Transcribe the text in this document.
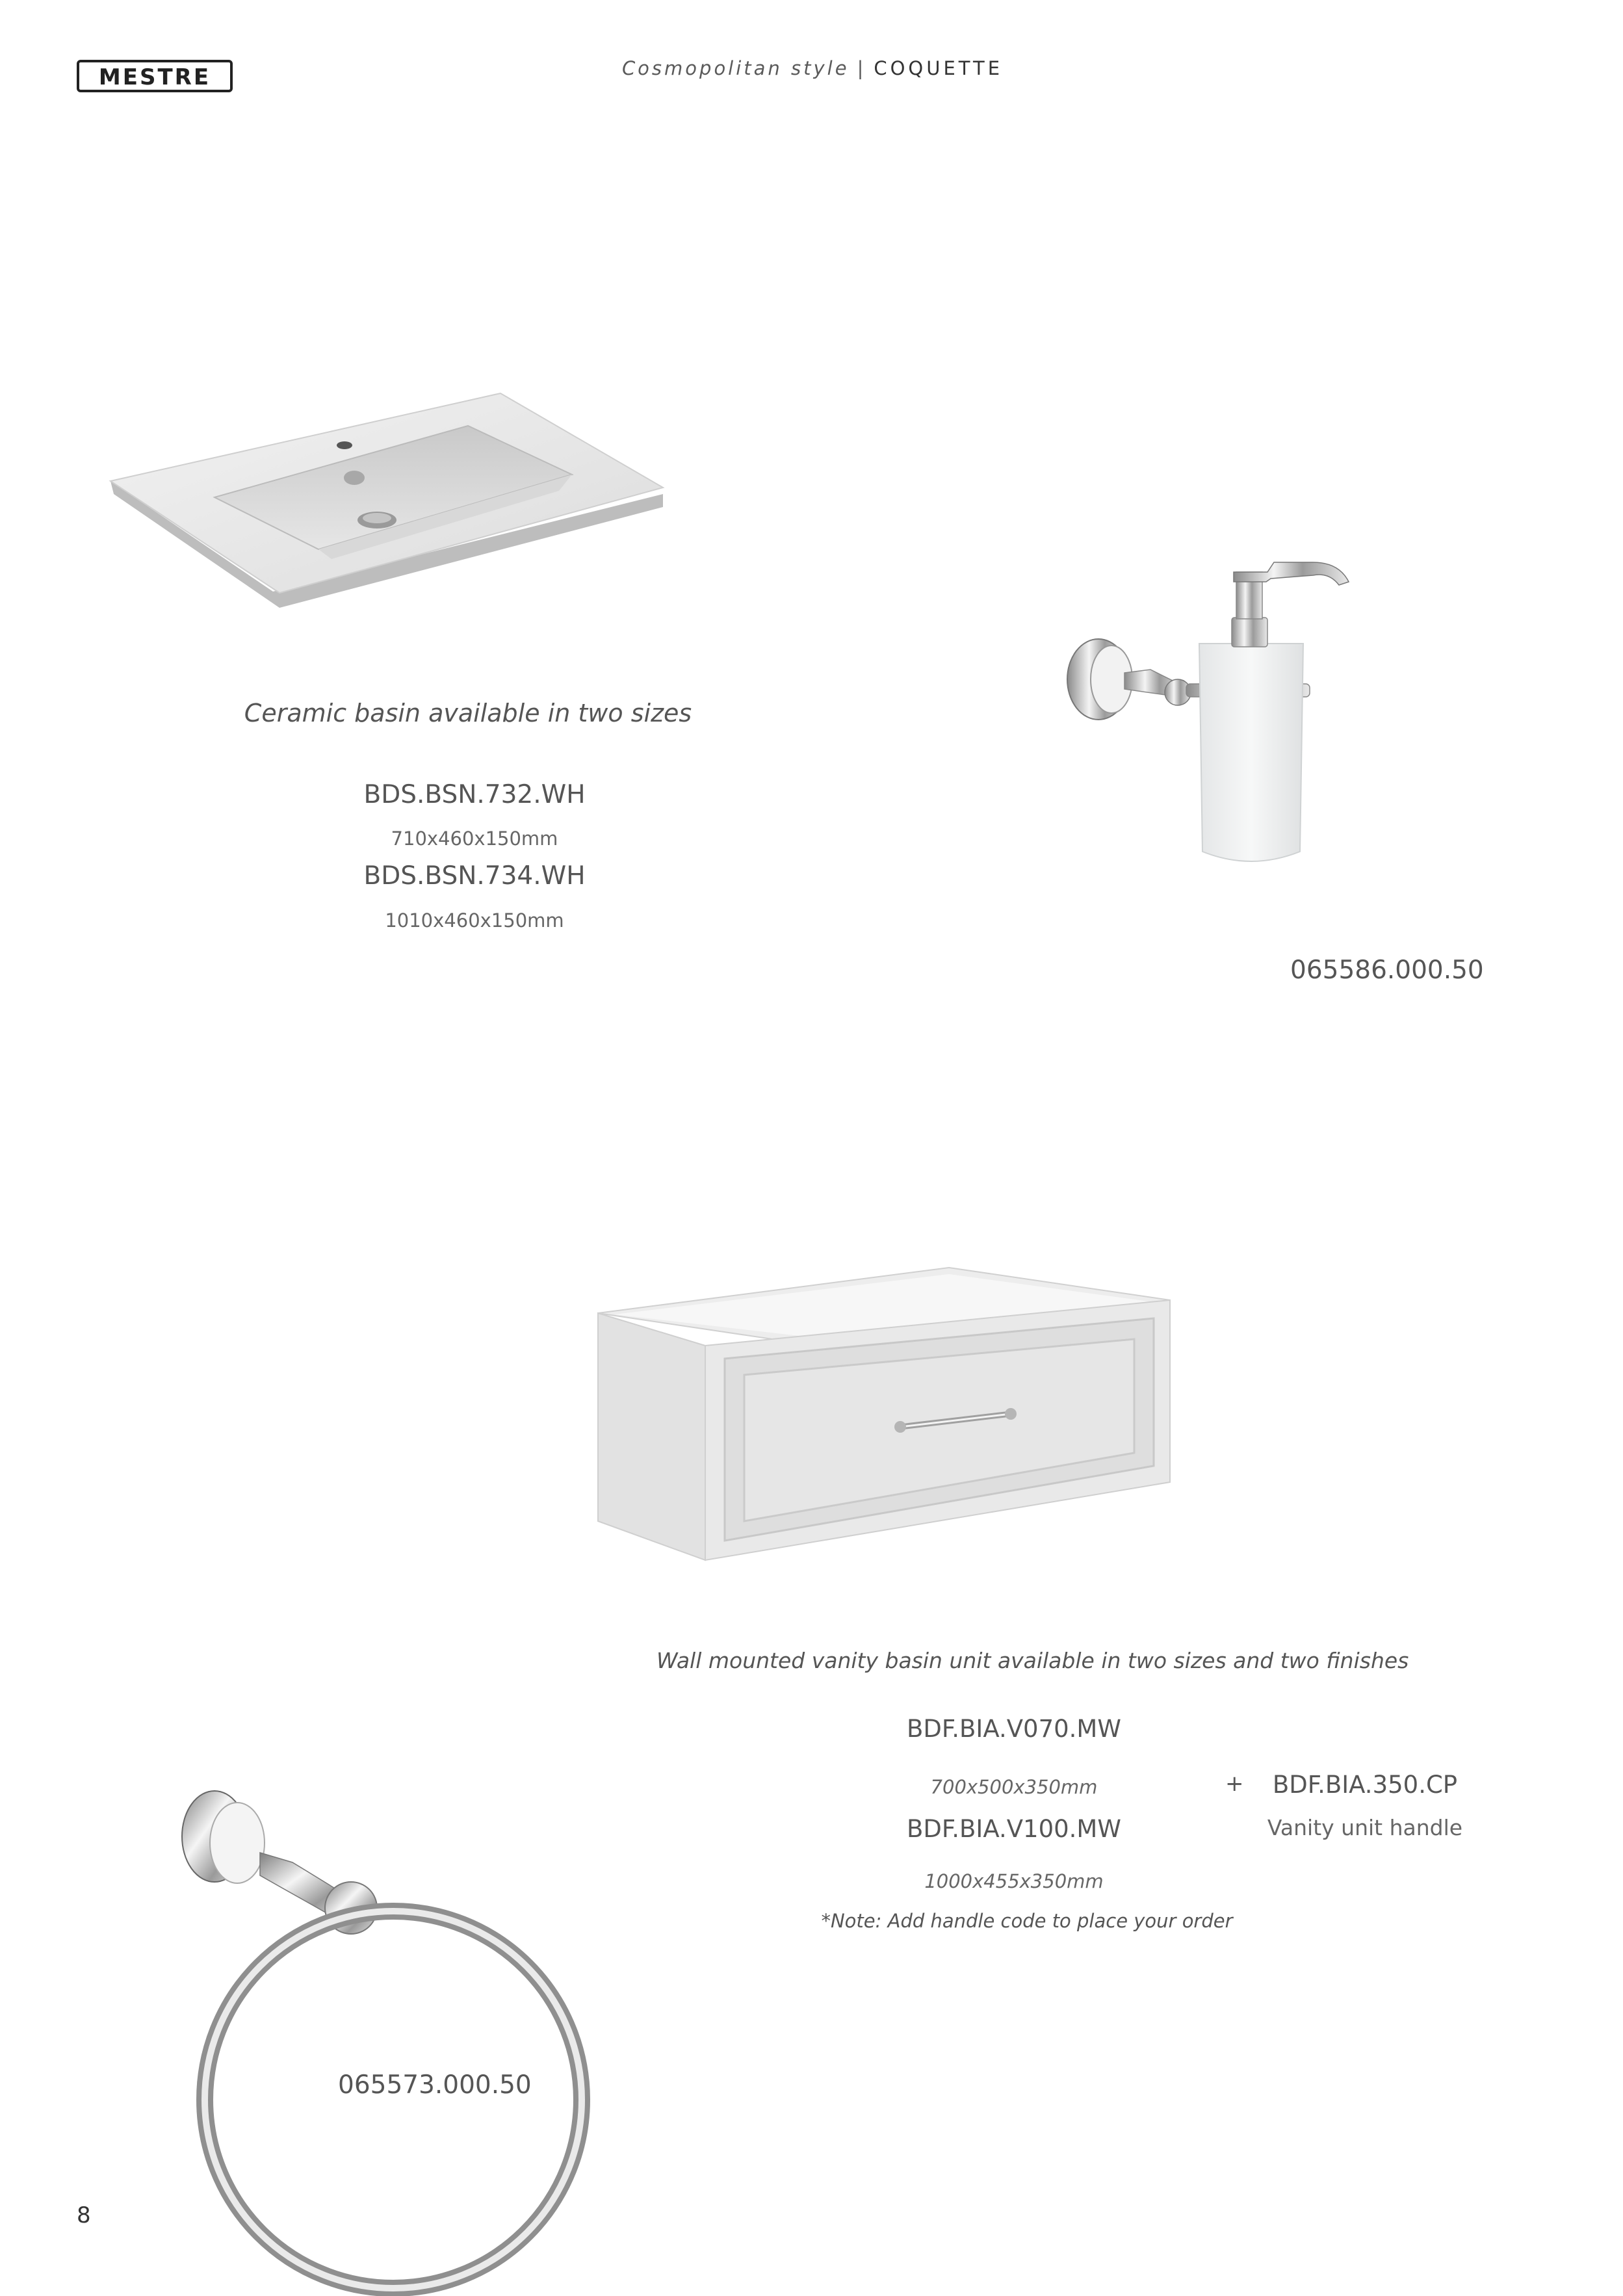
MESTRE	Cosmopolitan style | COQUETTE
Ceramic basin available in two sizes
BDS.BSN.732.WH
710x460x150mm
BDS.BSN.734.WH
1010x460x150mm
065586.000.50
Wall mounted vanity basin unit available in two sizes and two finishes
BDF.BIA.V070.MW
700x500x350mm
BDF.BIA.V100.MW
1000x455x350mm
+	BDF.BIA.350.CP
Vanity unit handle
*Note: Add handle code to place your order
065573.000.50
8
